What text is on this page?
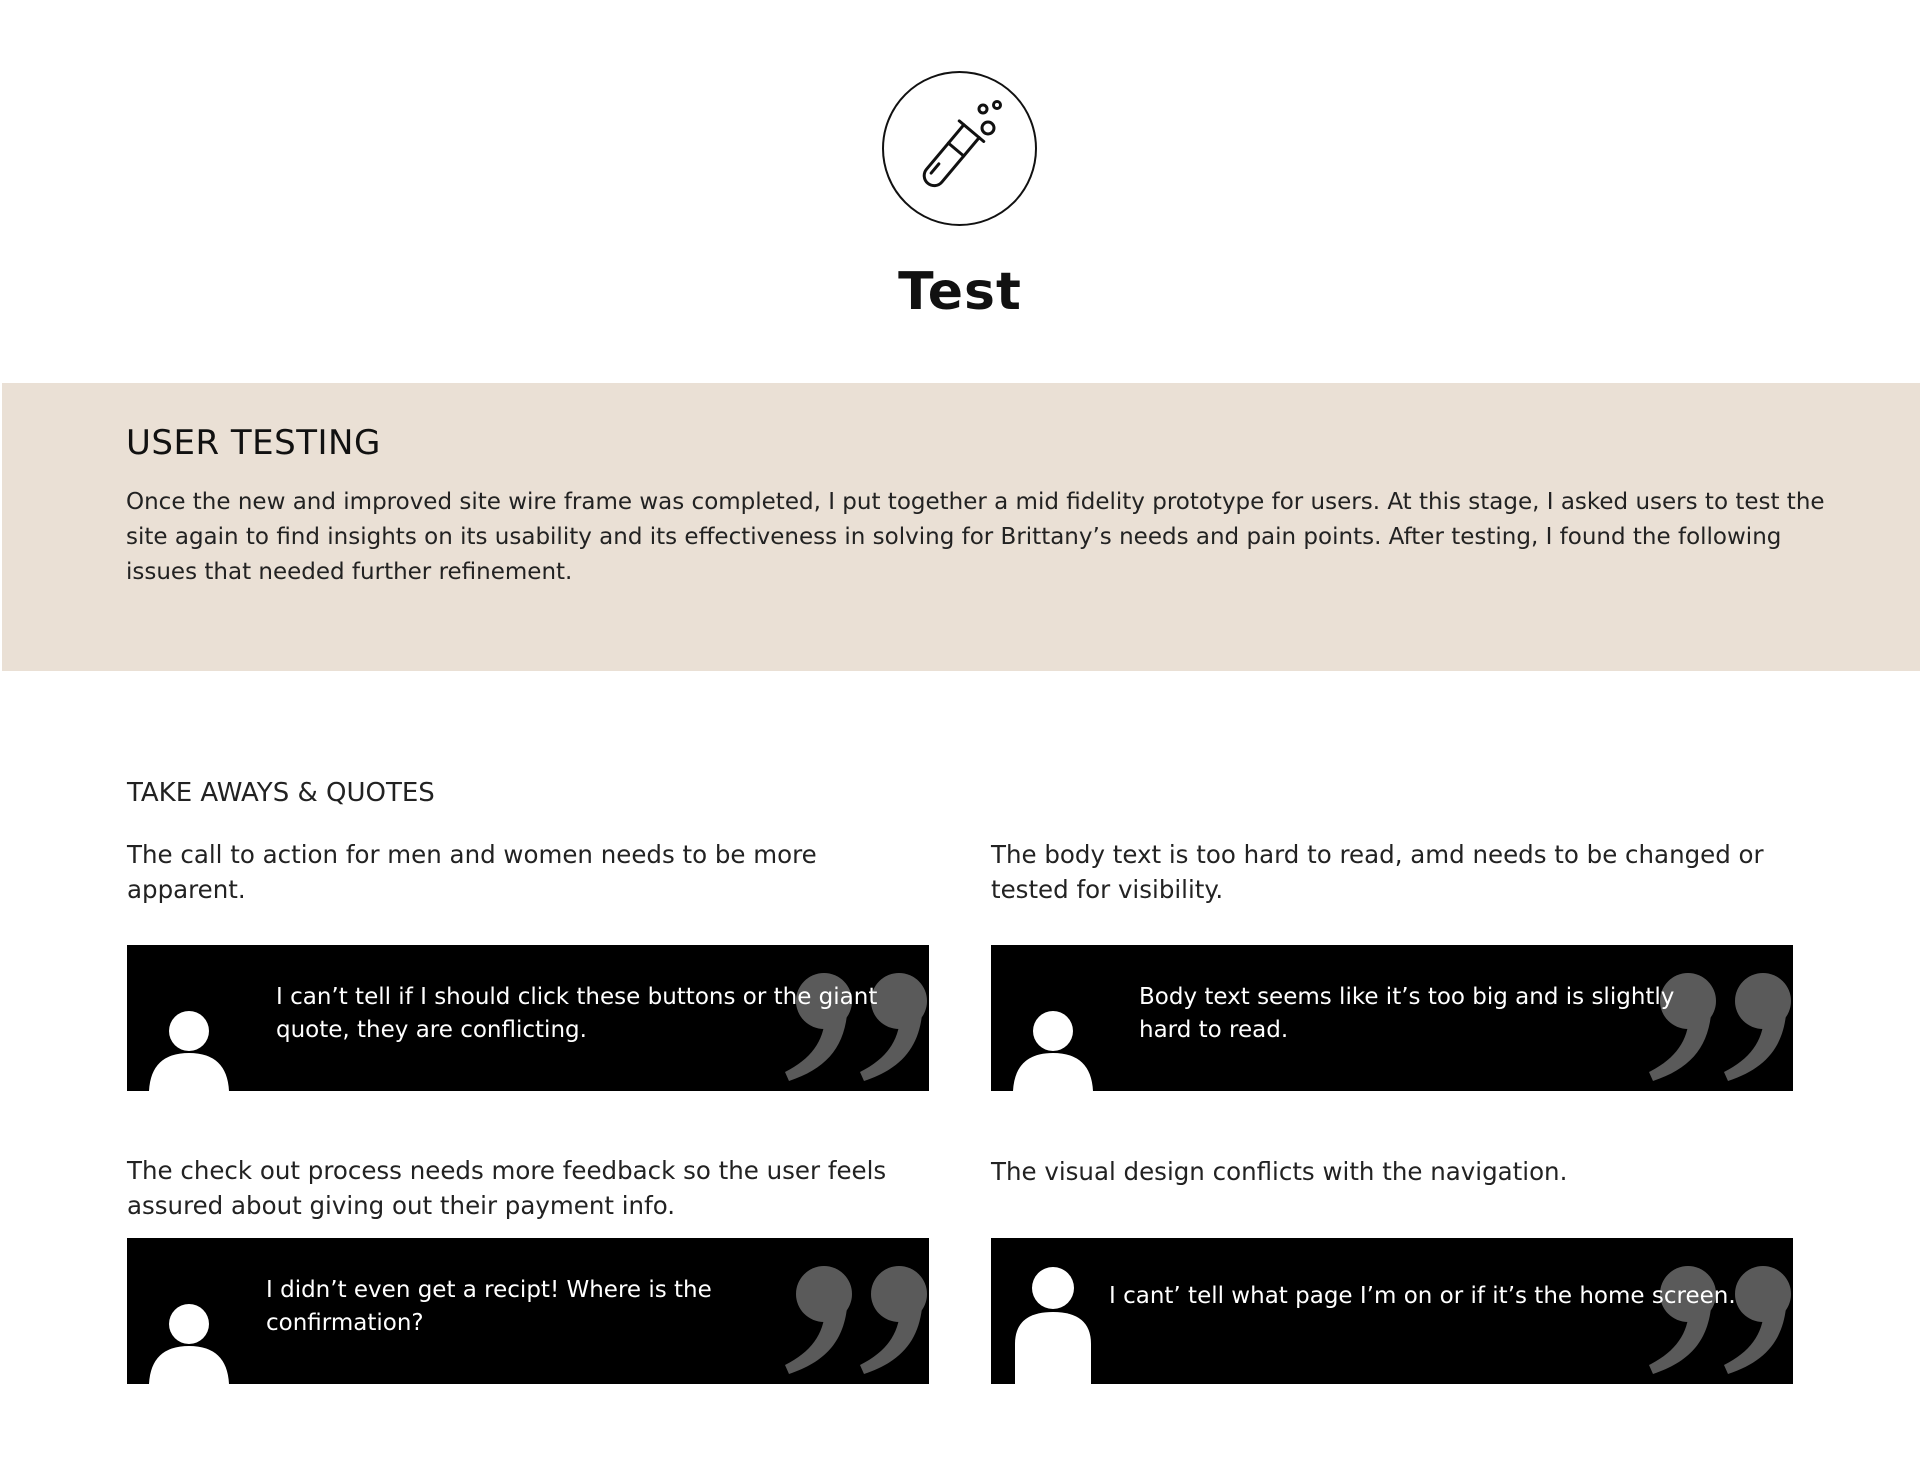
Test
USER TESTING
Once the new and improved site wire frame was completed, I put together a mid fidelity prototype for users. At this stage, I asked users to test the site again to find insights on its usability and its effectiveness in solving for Brittany’s needs and pain points. After testing, I found the following issues that needed further refinement.
TAKE AWAYS & QUOTES
The call to action for men and women needs to be more apparent.
I can’t tell if I should click these buttons or the giant quote, they are conflicting.
The body text is too hard to read, amd needs to be changed or tested for visibility.
Body text seems like it’s too big and is slightly hard to read.
The check out process needs more feedback so the user feels assured about giving out their payment info.
I didn’t even get a recipt! Where is the confirmation?
The visual design conflicts with the navigation.
I cant’ tell what page I’m on or if it’s the home screen.
